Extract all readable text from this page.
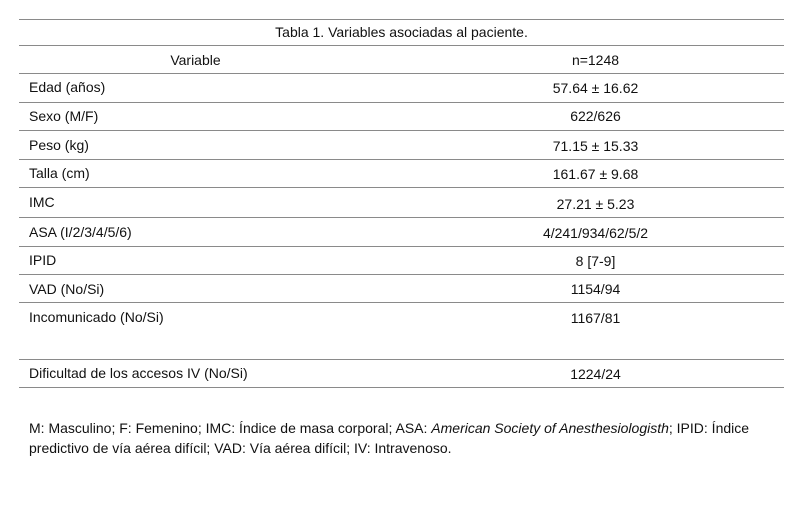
Tabla 1. Variables asociadas al paciente.
Variable	n=1248
Edad (años)	57.64 ± 16.62
Sexo (M/F)	622/626
Peso (kg)	71.15 ± 15.33
Talla (cm)	161.67 ± 9.68
IMC	27.21 ± 5.23
ASA (I/2/3/4/5/6)	4/241/934/62/5/2
IPID	8 [7-9]
VAD (No/Si)	1154/94
Incomunicado (No/Si)	1167/81
Dificultad de los accesos IV (No/Si)	1224/24
M: Masculino; F: Femenino; IMC: Índice de masa corporal; ASA: American Society of Anesthesiologisth; IPID: Índice predictivo de vía aérea difícil; VAD: Vía aérea difícil; IV: Intravenoso.
